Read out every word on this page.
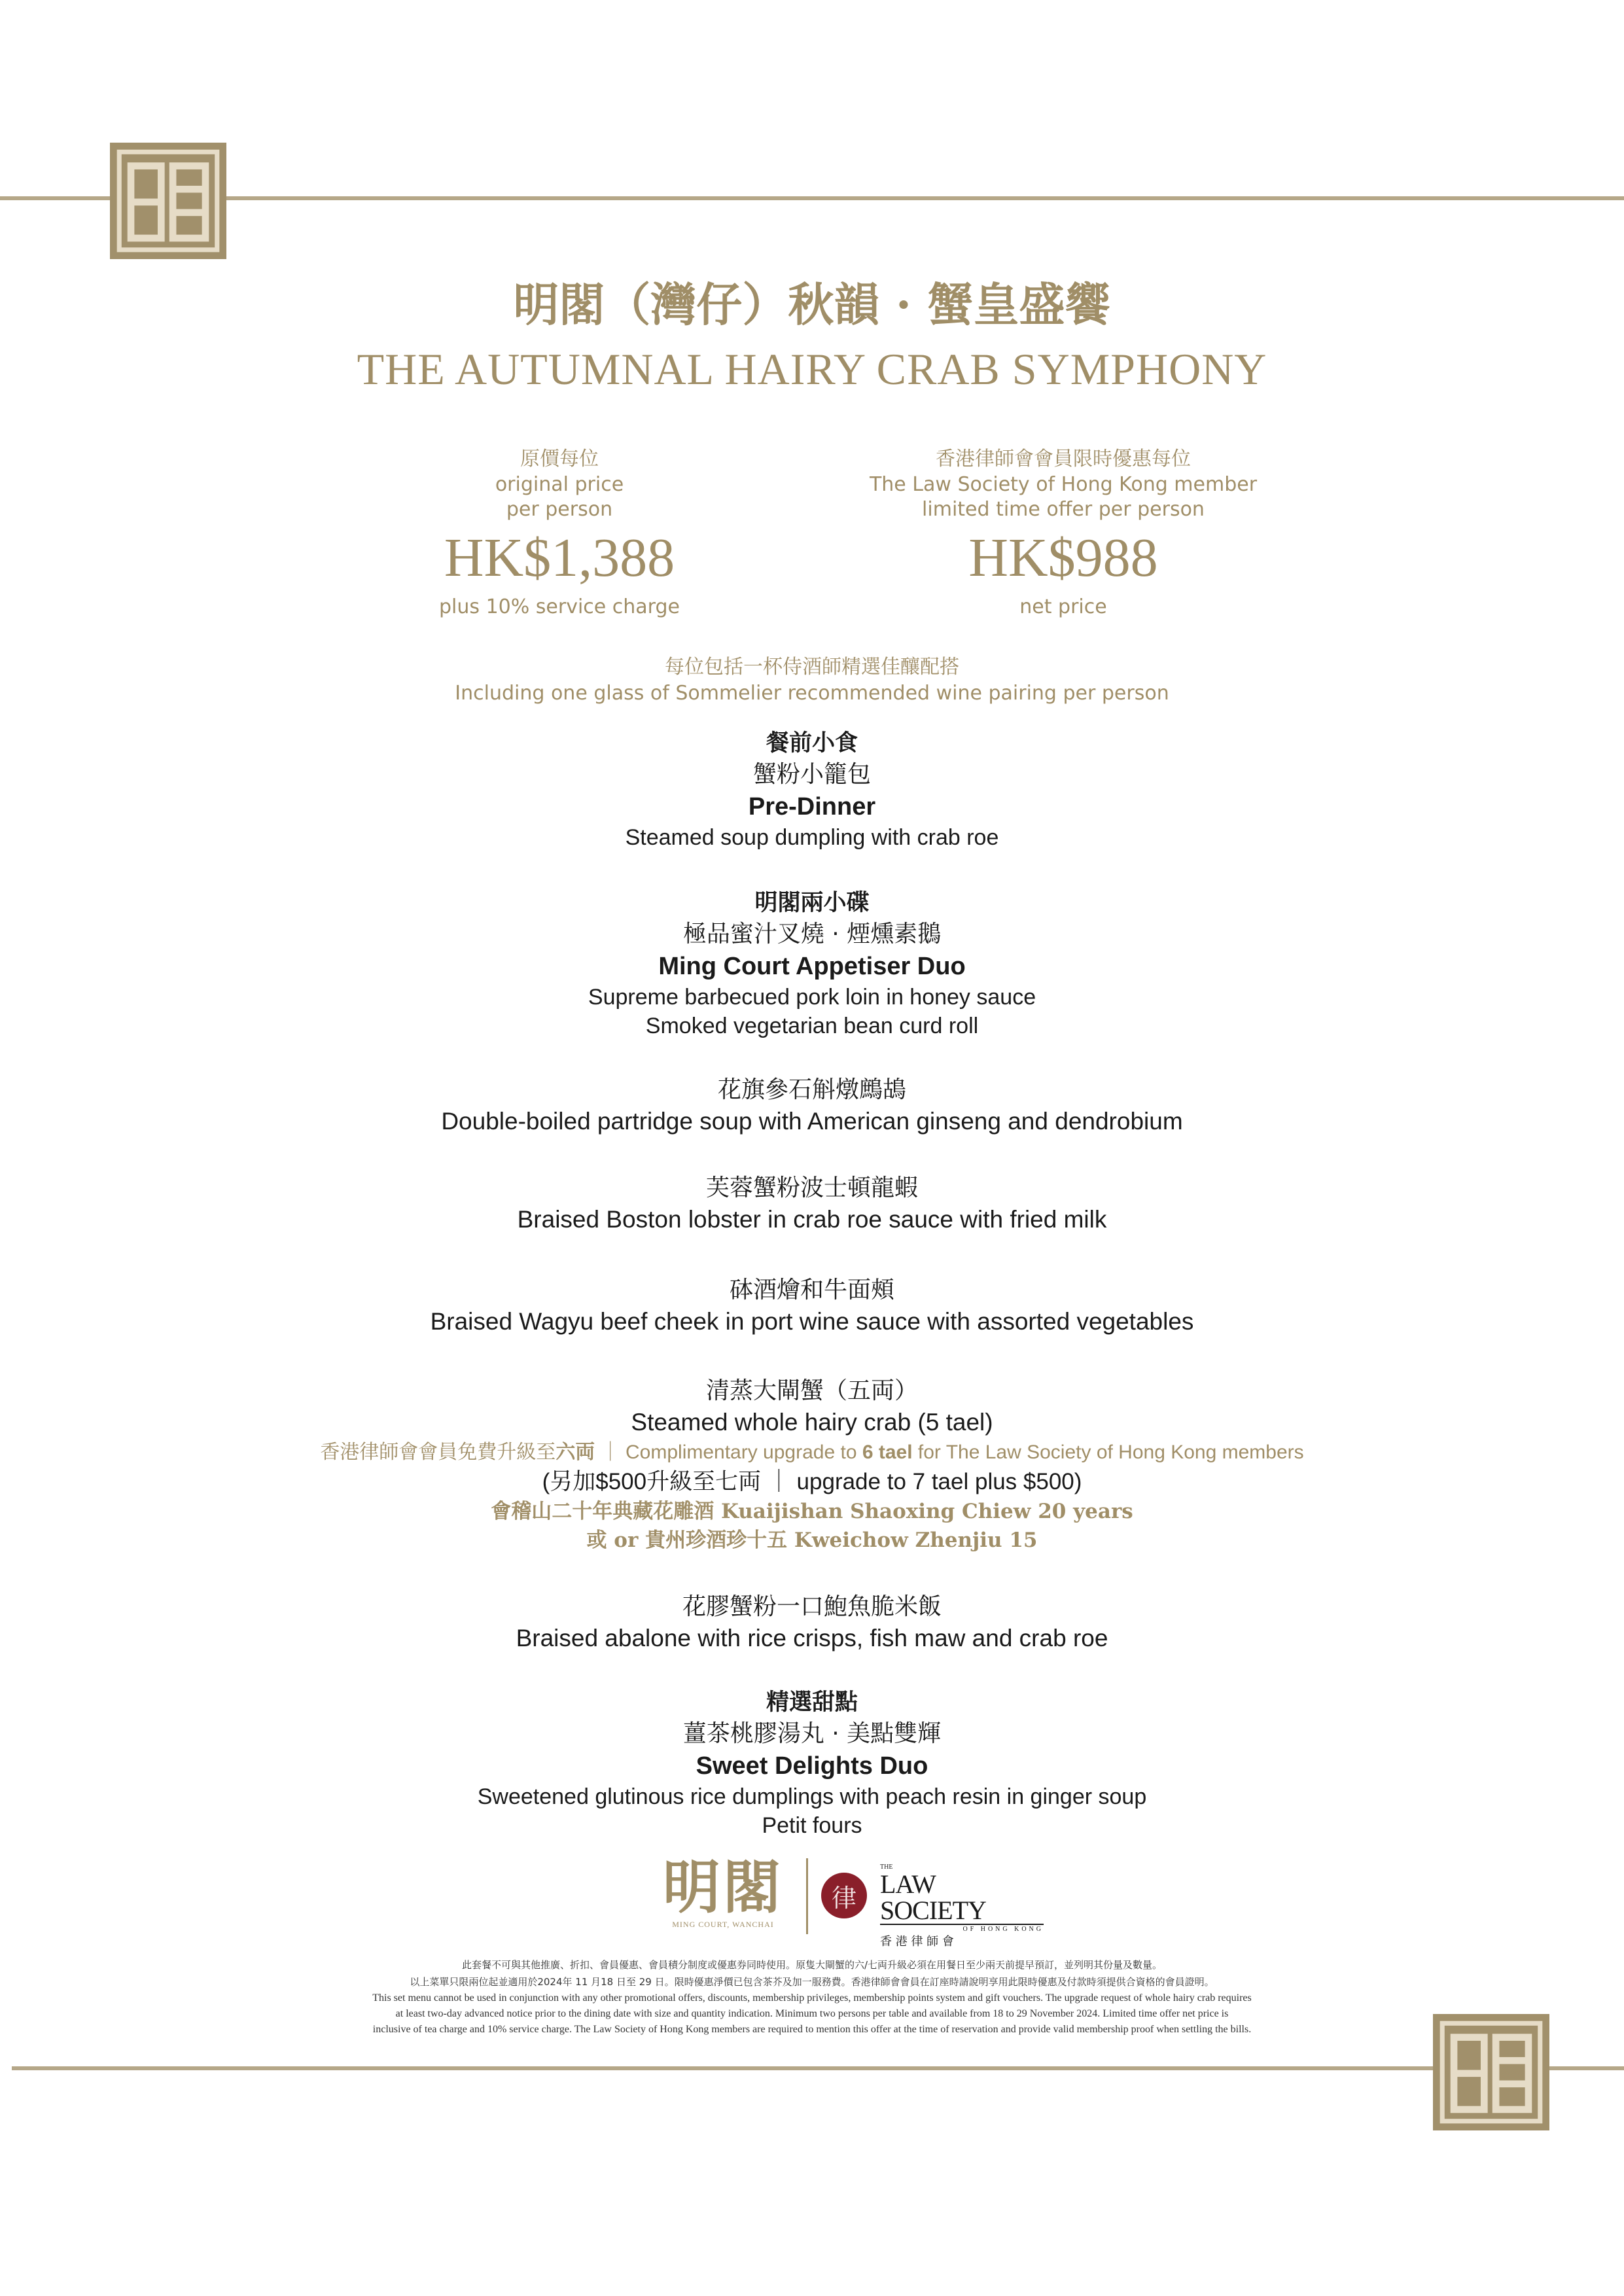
明閣（灣仔）秋韻 · 蟹皇盛饗
THE AUTUMNAL HAIRY CRAB SYMPHONY
原價每位
original price
per person
HK$1,388
plus 10% service charge
香港律師會會員限時優惠每位
The Law Society of Hong Kong member
limited time offer per person
HK$988
net price
每位包括一杯侍酒師精選佳釀配搭
Including one glass of Sommelier recommended wine pairing per person
餐前小食
蟹粉小籠包
Pre-Dinner
Steamed soup dumpling with crab roe
明閣兩小碟
極品蜜汁叉燒 · 煙燻素鵝
Ming Court Appetiser Duo
Supreme barbecued pork loin in honey sauce
Smoked vegetarian bean curd roll
花旗參石斛燉鷓鴣
Double-boiled partridge soup with American ginseng and dendrobium
芙蓉蟹粉波士頓龍蝦
Braised Boston lobster in crab roe sauce with fried milk
砵酒燴和牛面頰
Braised Wagyu beef cheek in port wine sauce with assorted vegetables
清蒸大閘蟹（五両）
Steamed whole hairy crab (5 tael)
香港律師會會員免費升級至六両 ｜ Complimentary upgrade to 6 tael for The Law Society of Hong Kong members
(另加$500升級至七両 ｜ upgrade to 7 tael plus $500)
會稽山二十年典藏花雕酒 Kuaijishan Shaoxing Chiew 20 years
或 or 貴州珍酒珍十五 Kweichow Zhenjiu 15
花膠蟹粉一口鮑魚脆米飯
Braised abalone with rice crisps, fish maw and crab roe
精選甜點
薑茶桃膠湯丸 · 美點雙輝
Sweet Delights Duo
Sweetened glutinous rice dumplings with peach resin in ginger soup
Petit fours
明閣
MING COURT, WANCHAI
律
THE
LAW SOCIETY
OF HONG KONG
香 港 律 師 會
此套餐不可與其他推廣、折扣、會員優惠、會員積分制度或優惠券同時使用。原隻大閘蟹的六/七両升級必須在用餐日至少兩天前提早預訂，並列明其份量及數量。
以上菜單只限兩位起並適用於2024年 11 月18 日至 29 日。限時優惠淨價已包含茶芥及加一服務費。香港律師會會員在訂座時請說明享用此限時優惠及付款時須提供合資格的會員證明。
This set menu cannot be used in conjunction with any other promotional offers, discounts, membership privileges, membership points system and gift vouchers. The upgrade request of whole hairy crab requires
at least two-day advanced notice prior to the dining date with size and quantity indication. Minimum two persons per table and available from 18 to 29 November 2024. Limited time offer net price is
inclusive of tea charge and 10% service charge. The Law Society of Hong Kong members are required to mention this offer at the time of reservation and provide valid membership proof when settling the bills.
